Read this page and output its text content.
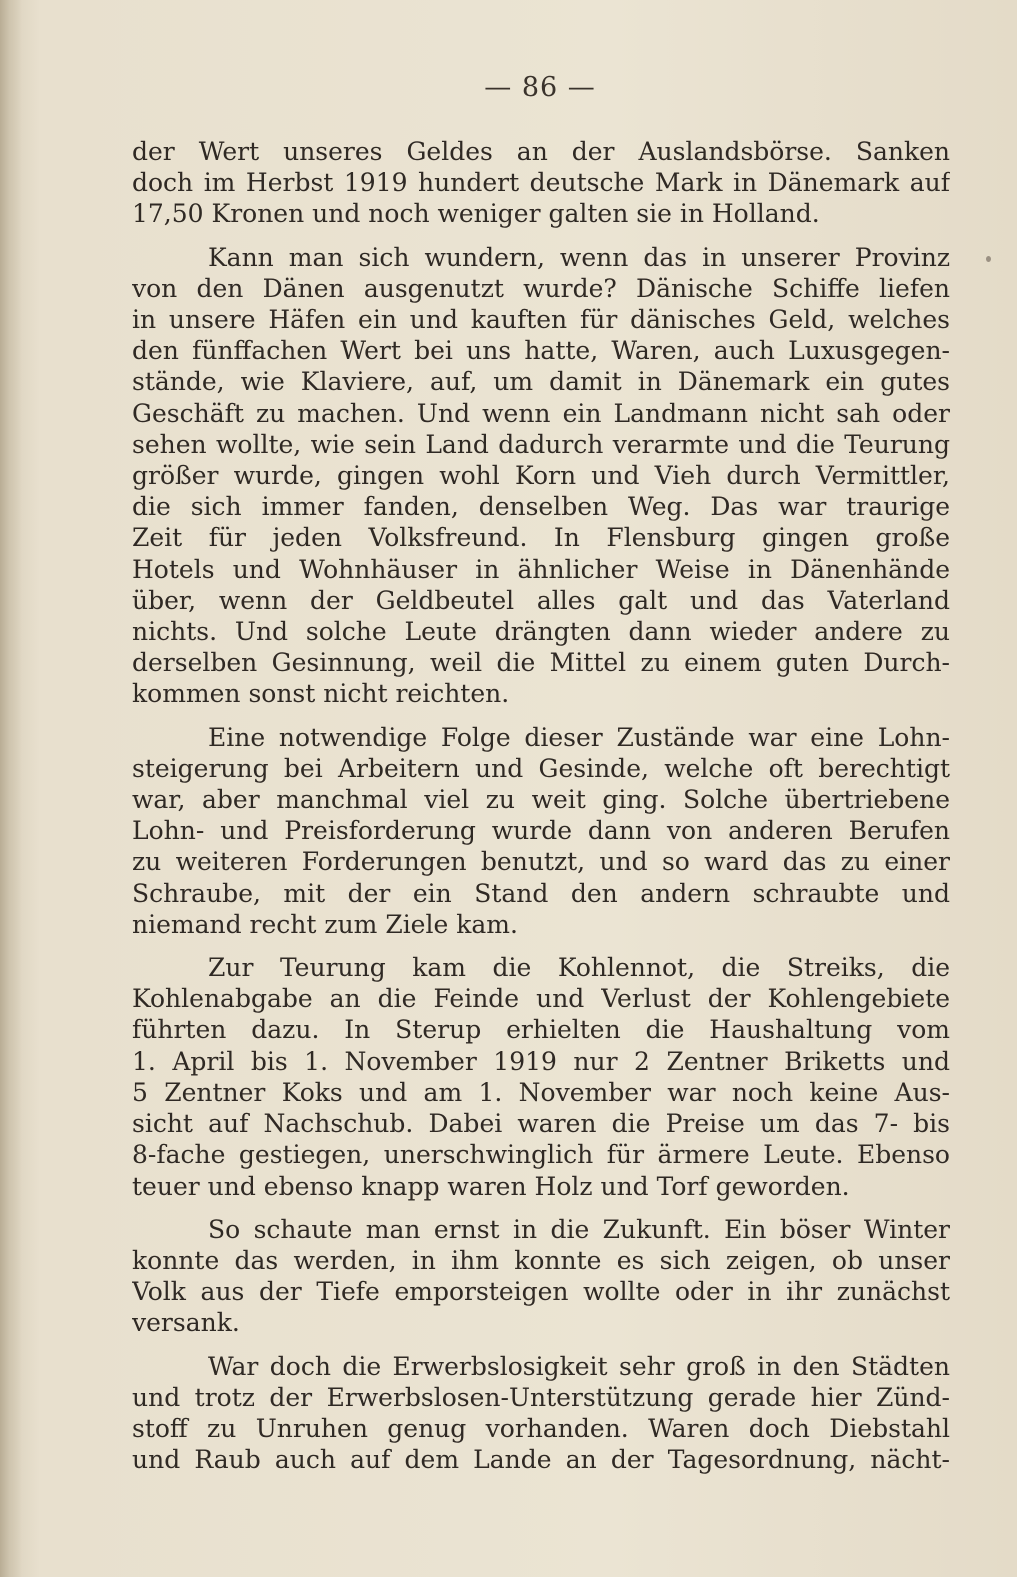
— 86 —
der Wert unseres Geldes an der Auslandsbörse. Sanken
doch im Herbst 1919 hundert deutsche Mark in Dänemark auf
17,50 Kronen und noch weniger galten sie in Holland.
Kann man sich wundern, wenn das in unserer Provinz
von den Dänen ausgenutzt wurde? Dänische Schiffe liefen
in unsere Häfen ein und kauften für dänisches Geld, welches
den fünffachen Wert bei uns hatte, Waren, auch Luxusgegen-
stände, wie Klaviere, auf, um damit in Dänemark ein gutes
Geschäft zu machen. Und wenn ein Landmann nicht sah oder
sehen wollte, wie sein Land dadurch verarmte und die Teurung
größer wurde, gingen wohl Korn und Vieh durch Vermittler,
die sich immer fanden, denselben Weg. Das war traurige
Zeit für jeden Volksfreund. In Flensburg gingen große
Hotels und Wohnhäuser in ähnlicher Weise in Dänenhände
über, wenn der Geldbeutel alles galt und das Vaterland
nichts. Und solche Leute drängten dann wieder andere zu
derselben Gesinnung, weil die Mittel zu einem guten Durch-
kommen sonst nicht reichten.
Eine notwendige Folge dieser Zustände war eine Lohn-
steigerung bei Arbeitern und Gesinde, welche oft berechtigt
war, aber manchmal viel zu weit ging. Solche übertriebene
Lohn- und Preisforderung wurde dann von anderen Berufen
zu weiteren Forderungen benutzt, und so ward das zu einer
Schraube, mit der ein Stand den andern schraubte und
niemand recht zum Ziele kam.
Zur Teurung kam die Kohlennot, die Streiks, die
Kohlenabgabe an die Feinde und Verlust der Kohlengebiete
führten dazu. In Sterup erhielten die Haushaltung vom
1. April bis 1. November 1919 nur 2 Zentner Briketts und
5 Zentner Koks und am 1. November war noch keine Aus-
sicht auf Nachschub. Dabei waren die Preise um das 7- bis
8-fache gestiegen, unerschwinglich für ärmere Leute. Ebenso
teuer und ebenso knapp waren Holz und Torf geworden.
So schaute man ernst in die Zukunft. Ein böser Winter
konnte das werden, in ihm konnte es sich zeigen, ob unser
Volk aus der Tiefe emporsteigen wollte oder in ihr zunächst
versank.
War doch die Erwerbslosigkeit sehr groß in den Städten
und trotz der Erwerbslosen-Unterstützung gerade hier Zünd-
stoff zu Unruhen genug vorhanden. Waren doch Diebstahl
und Raub auch auf dem Lande an der Tagesordnung, nächt-
